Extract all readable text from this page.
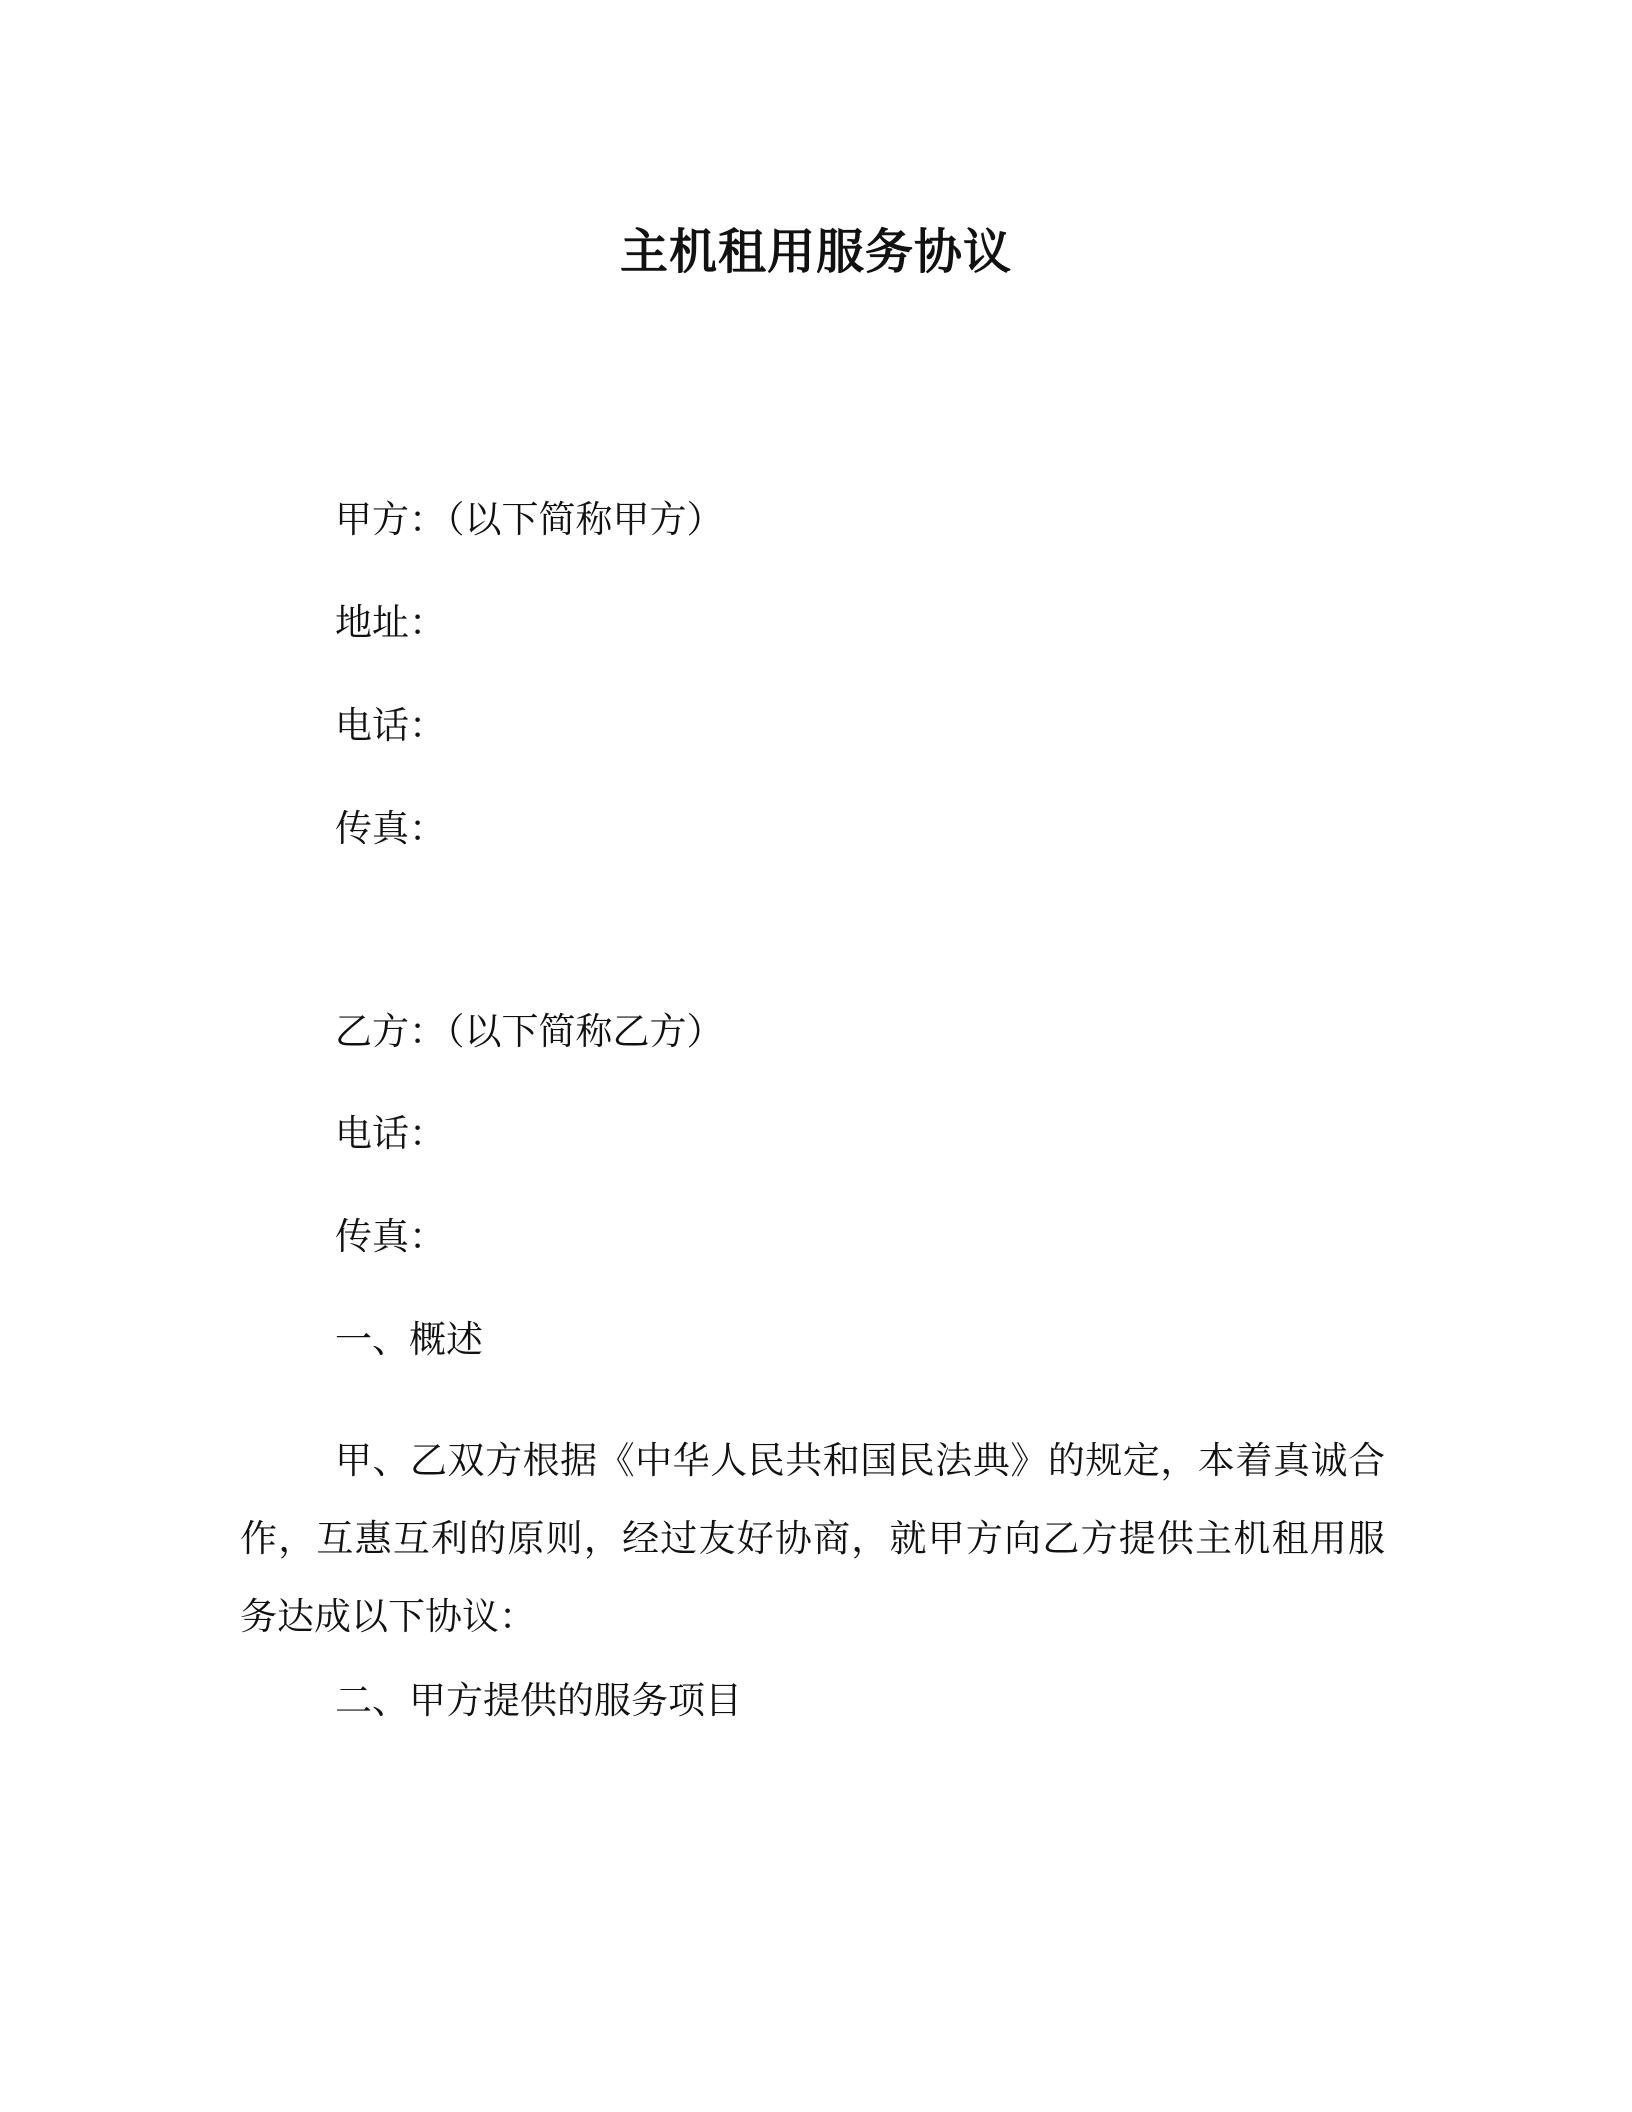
主机租用服务协议
甲方：（以下简称甲方）
地址：
电话：
传真：
乙方：（以下简称乙方）
电话：
传真：
一、概述

甲、乙双方根据《中华人民共和国民法典》的规定，本着真诚合作，互惠互利的原则，经过友好协商，就甲方向乙方提供主机租用服务达成以下协议：

二、甲方提供的服务项目
